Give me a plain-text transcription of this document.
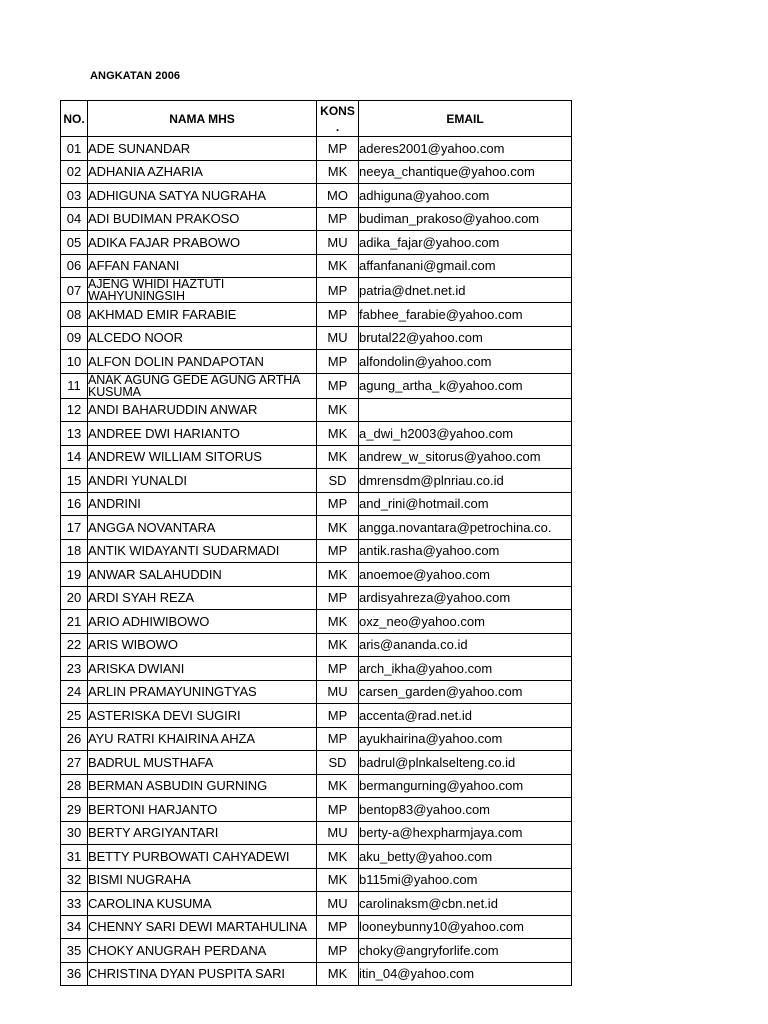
ANGKATAN 2006
NO.	NAMA MHS	KONS .	EMAIL
01	ADE SUNANDAR	MP	aderes2001@yahoo.com
02	ADHANIA AZHARIA	MK	neeya_chantique@yahoo.com
03	ADHIGUNA SATYA NUGRAHA	MO	adhiguna@yahoo.com
04	ADI BUDIMAN PRAKOSO	MP	budiman_prakoso@yahoo.com
05	ADIKA FAJAR PRABOWO	MU	adika_fajar@yahoo.com
06	AFFAN FANANI	MK	affanfanani@gmail.com
07	AJENG WHIDI HAZTUTI WAHYUNINGSIH	MP	patria@dnet.net.id
08	AKHMAD EMIR FARABIE	MP	fabhee_farabie@yahoo.com
09	ALCEDO NOOR	MU	brutal22@yahoo.com
10	ALFON DOLIN PANDAPOTAN	MP	alfondolin@yahoo.com
11	ANAK AGUNG GEDE AGUNG ARTHA KUSUMA	MP	agung_artha_k@yahoo.com
12	ANDI BAHARUDDIN ANWAR	MK	
13	ANDREE DWI HARIANTO	MK	a_dwi_h2003@yahoo.com
14	ANDREW WILLIAM SITORUS	MK	andrew_w_sitorus@yahoo.com
15	ANDRI YUNALDI	SD	dmrensdm@plnriau.co.id
16	ANDRINI	MP	and_rini@hotmail.com
17	ANGGA NOVANTARA	MK	angga.novantara@petrochina.co.
18	ANTIK WIDAYANTI SUDARMADI	MP	antik.rasha@yahoo.com
19	ANWAR SALAHUDDIN	MK	anoemoe@yahoo.com
20	ARDI SYAH REZA	MP	ardisyahreza@yahoo.com
21	ARIO ADHIWIBOWO	MK	oxz_neo@yahoo.com
22	ARIS WIBOWO	MK	aris@ananda.co.id
23	ARISKA DWIANI	MP	arch_ikha@yahoo.com
24	ARLIN PRAMAYUNINGTYAS	MU	carsen_garden@yahoo.com
25	ASTERISKA DEVI SUGIRI	MP	accenta@rad.net.id
26	AYU RATRI KHAIRINA AHZA	MP	ayukhairina@yahoo.com
27	BADRUL MUSTHAFA	SD	badrul@plnkalselteng.co.id
28	BERMAN ASBUDIN GURNING	MK	bermangurning@yahoo.com
29	BERTONI HARJANTO	MP	bentop83@yahoo.com
30	BERTY ARGIYANTARI	MU	berty-a@hexpharmjaya.com
31	BETTY PURBOWATI CAHYADEWI	MK	aku_betty@yahoo.com
32	BISMI NUGRAHA	MK	b115mi@yahoo.com
33	CAROLINA KUSUMA	MU	carolinaksm@cbn.net.id
34	CHENNY SARI DEWI MARTAHULINA	MP	looneybunny10@yahoo.com
35	CHOKY ANUGRAH PERDANA	MP	choky@angryforlife.com
36	CHRISTINA DYAN PUSPITA SARI	MK	itin_04@yahoo.com
